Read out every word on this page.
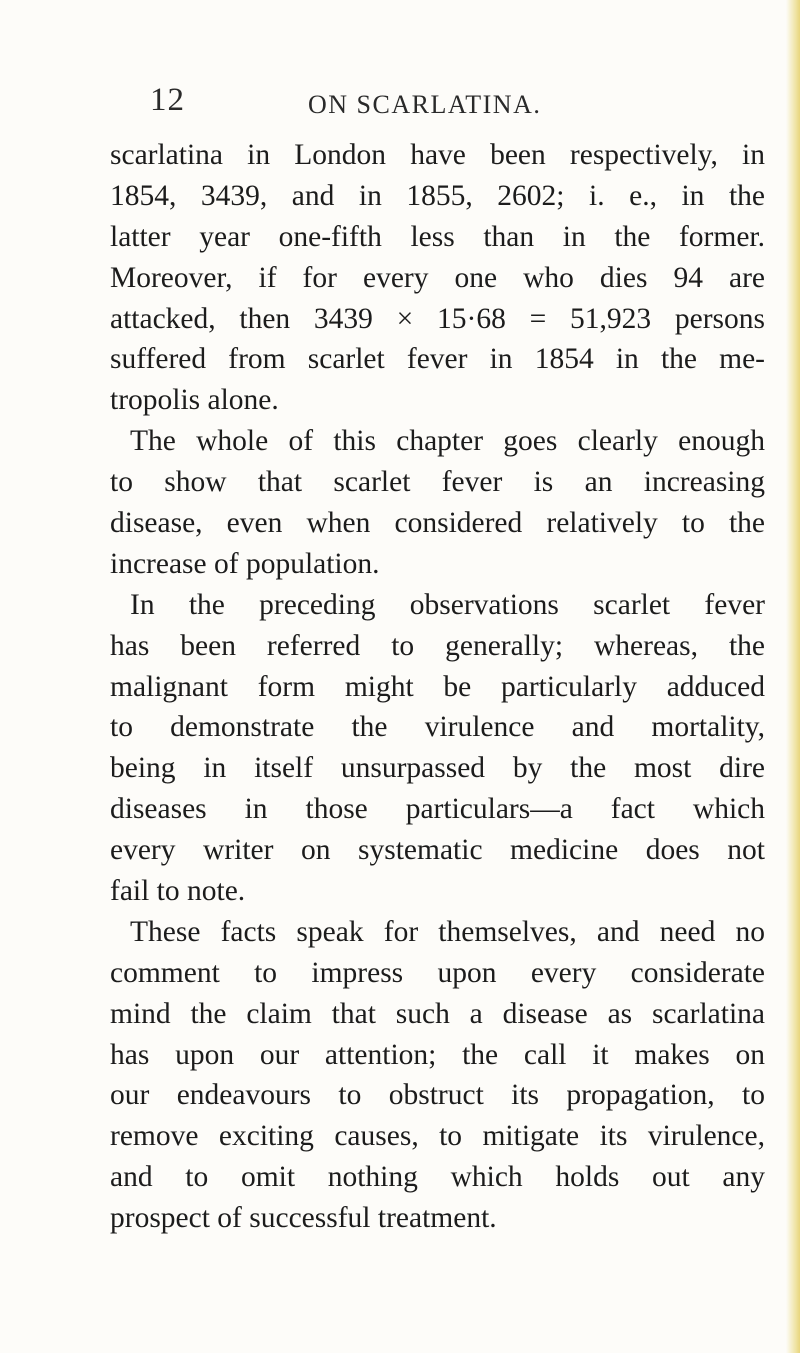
12	ON SCARLATINA.
scarlatina in London have been respectively, in
1854, 3439, and in 1855, 2602; i. e., in the
latter year one-fifth less than in the former.
Moreover, if for every one who dies 94 are
attacked, then 3439 × 15·68 = 51,923 persons
suffered from scarlet fever in 1854 in the me-
tropolis alone.
The whole of this chapter goes clearly enough
to show that scarlet fever is an increasing
disease, even when considered relatively to the
increase of population.
In the preceding observations scarlet fever
has been referred to generally; whereas, the
malignant form might be particularly adduced
to demonstrate the virulence and mortality,
being in itself unsurpassed by the most dire
diseases in those particulars—a fact which
every writer on systematic medicine does not
fail to note.
These facts speak for themselves, and need no
comment to impress upon every considerate
mind the claim that such a disease as scarlatina
has upon our attention; the call it makes on
our endeavours to obstruct its propagation, to
remove exciting causes, to mitigate its virulence,
and to omit nothing which holds out any
prospect of successful treatment.
